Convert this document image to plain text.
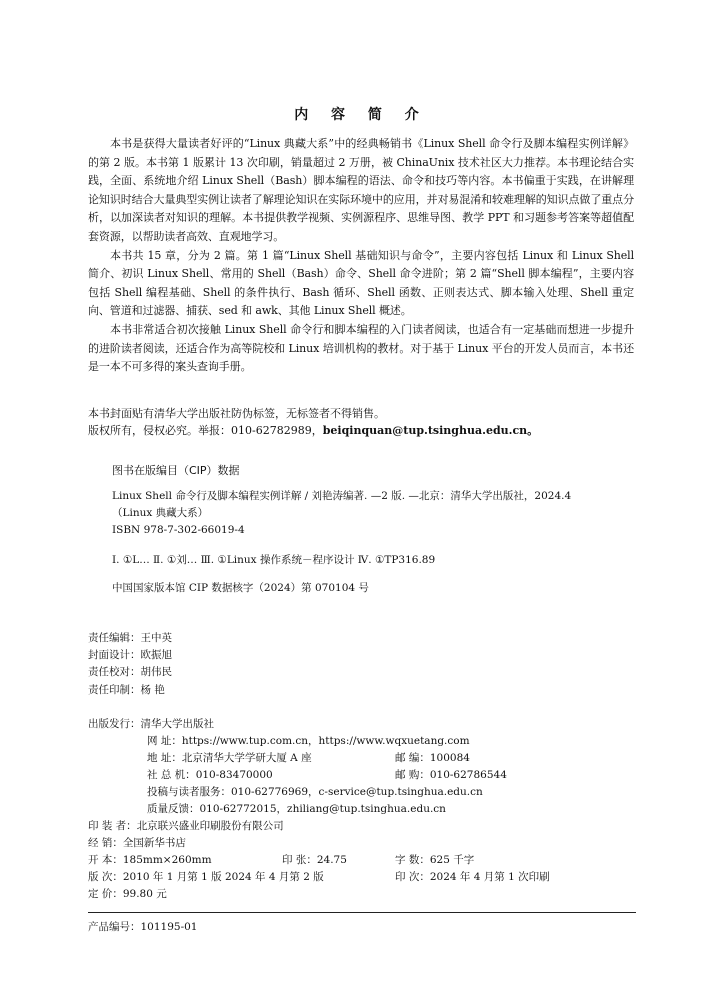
内 容 简 介

本书是获得大量读者好评的“Linux 典藏大系”中的经典畅销书《Linux Shell 命令行及脚本编程实例详解》的第 2 版。本书第 1 版累计 13 次印刷，销量超过 2 万册，被 ChinaUnix 技术社区大力推荐。本书理论结合实践，全面、系统地介绍 Linux Shell（Bash）脚本编程的语法、命令和技巧等内容。本书偏重于实践，在讲解理论知识时结合大量典型实例让读者了解理论知识在实际环境中的应用，并对易混淆和较难理解的知识点做了重点分析，以加深读者对知识的理解。本书提供教学视频、实例源程序、思维导图、教学 PPT 和习题参考答案等超值配套资源，以帮助读者高效、直观地学习。

本书共 15 章，分为 2 篇。第 1 篇“Linux Shell 基础知识与命令”，主要内容包括 Linux 和 Linux Shell 简介、初识 Linux Shell、常用的 Shell（Bash）命令、Shell 命令进阶；第 2 篇“Shell 脚本编程”，主要内容包括 Shell 编程基础、Shell 的条件执行、Bash 循环、Shell 函数、正则表达式、脚本输入处理、Shell 重定向、管道和过滤器、捕获、sed 和 awk、其他 Linux Shell 概述。

本书非常适合初次接触 Linux Shell 命令行和脚本编程的入门读者阅读，也适合有一定基础而想进一步提升的进阶读者阅读，还适合作为高等院校和 Linux 培训机构的教材。对于基于 Linux 平台的开发人员而言，本书还是一本不可多得的案头查询手册。

本书封面贴有清华大学出版社防伪标签，无标签者不得销售。
版权所有，侵权必究。举报：010-62782989，beiqinquan@tup.tsinghua.edu.cn。
图书在版编目（CIP）数据
Linux Shell 命令行及脚本编程实例详解 / 刘艳涛编著. —2 版. —北京：清华大学出版社，2024.4
（Linux 典藏大系）
ISBN 978-7-302-66019-4
Ⅰ. ①L… Ⅱ. ①刘… Ⅲ. ①Linux 操作系统－程序设计 Ⅳ. ①TP316.89
中国国家版本馆 CIP 数据核字（2024）第 070104 号
责任编辑：王中英
封面设计：欧振旭
责任校对：胡伟民
责任印制：杨 艳
出版发行：清华大学出版社
网 址：https://www.tup.com.cn，https://www.wqxuetang.com
地 址：北京清华大学学研大厦 A 座	邮 编：100084
社 总 机：010-83470000	邮 购：010-62786544
投稿与读者服务：010-62776969，c-service@tup.tsinghua.edu.cn
质量反馈：010-62772015，zhiliang@tup.tsinghua.edu.cn
印 装 者：北京联兴盛业印刷股份有限公司
经 销：全国新华书店
开 本：185mm×260mm	印 张：24.75	字 数：625 千字
版 次：2010 年 1 月第 1 版 2024 年 4 月第 2 版	印 次：2024 年 4 月第 1 次印刷
定 价：99.80 元
产品编号：101195-01
